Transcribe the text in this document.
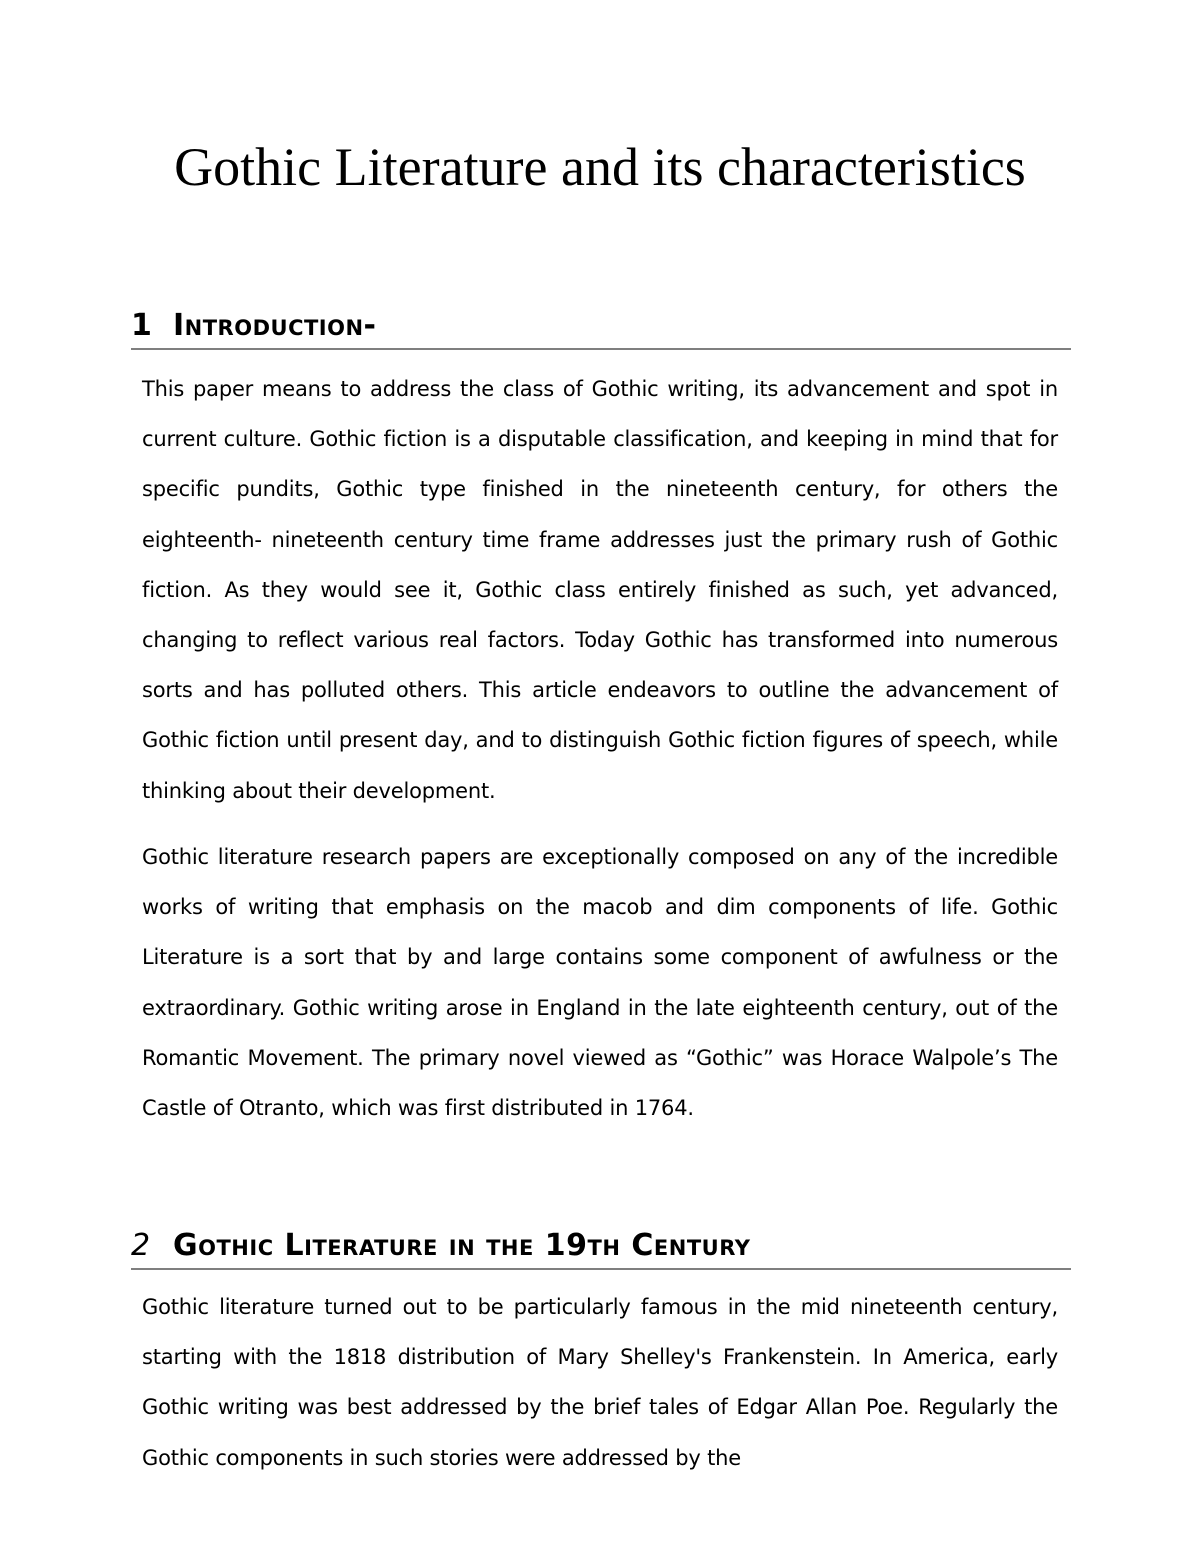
Gothic Literature and its characteristics
1 Introduction-

This paper means to address the class of Gothic writing, its advancement and spot in current culture. Gothic fiction is a disputable classification, and keeping in mind that for specific pundits, Gothic type finished in the nineteenth century, for others the eighteenth- nineteenth century time frame addresses just the primary rush of Gothic fiction. As they would see it, Gothic class entirely finished as such, yet advanced, changing to reflect various real factors. Today Gothic has transformed into numerous sorts and has polluted others. This article endeavors to outline the advancement of Gothic fiction until present day, and to distinguish Gothic fiction figures of speech, while thinking about their development.

Gothic literature research papers are exceptionally composed on any of the incredible works of writing that emphasis on the macob and dim components of life. Gothic Literature is a sort that by and large contains some component of awfulness or the extraordinary. Gothic writing arose in England in the late eighteenth century, out of the Romantic Movement. The primary novel viewed as “Gothic” was Horace Walpole’s The Castle of Otranto, which was first distributed in 1764.

2 Gothic Literature in the 19th Century

Gothic literature turned out to be particularly famous in the mid nineteenth century, starting with the 1818 distribution of Mary Shelley's Frankenstein. In America, early Gothic writing was best addressed by the brief tales of Edgar Allan Poe. Regularly the Gothic components in such stories were addressed by the
